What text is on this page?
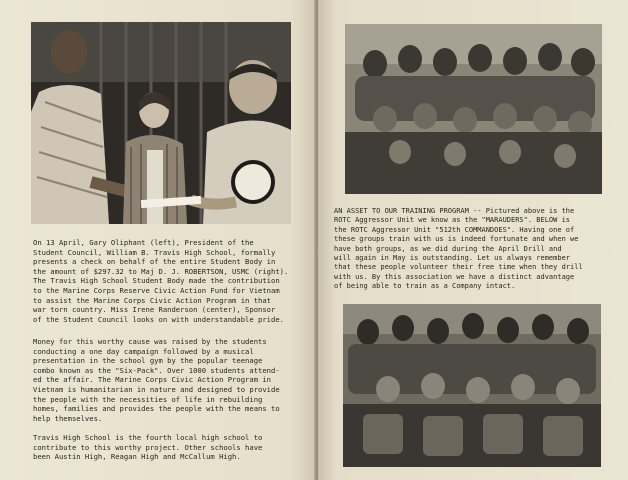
On 13 April, Gary Oliphant (left), President of the
Student Council, William B. Travis High School, formally
presents a check on behalf of the entire Student Body in
the amount of $297.32 to Maj D. J. ROBERTSON, USMC (right).
The Travis High School Student Body made the contribution
to the Marine Corps Reserve Civic Action Fund for Vietnam
to assist the Marine Corps Civic Action Program in that
war torn country. Miss Irene Randerson (center), Sponsor
of the Student Council looks on with understandable pride.

Money for this worthy cause was raised by the students
conducting a one day campaign followed by a musical
presentation in the school gym by the popular teenage
combo known as the "Six-Pack". Over 1000 students attend-
ed the affair. The Marine Corps Civic Action Program in
Vietnam is humanitarian in nature and designed to provide
the people with the necessities of life in rebuilding
homes, families and provides the people with the means to
help themselves.

Travis High School is the fourth local high school to
contribute to this worthy project. Other schools have
been Austin High, Reagan High and McCallum High.

AN ASSET TO OUR TRAINING PROGRAM -- Pictured above is the
ROTC Aggressor Unit we know as the "MARAUDERS". BELOW is
the ROTC Aggressor Unit "512th COMMANDOES". Having one of
these groups train with us is indeed fortunate and when we
have both groups, as we did during the April Drill and
will again in May is outstanding. Let us always remember
that these people volunteer their free time when they drill
with us. By this association we have a distinct advantage
of being able to train as a Company intact.
